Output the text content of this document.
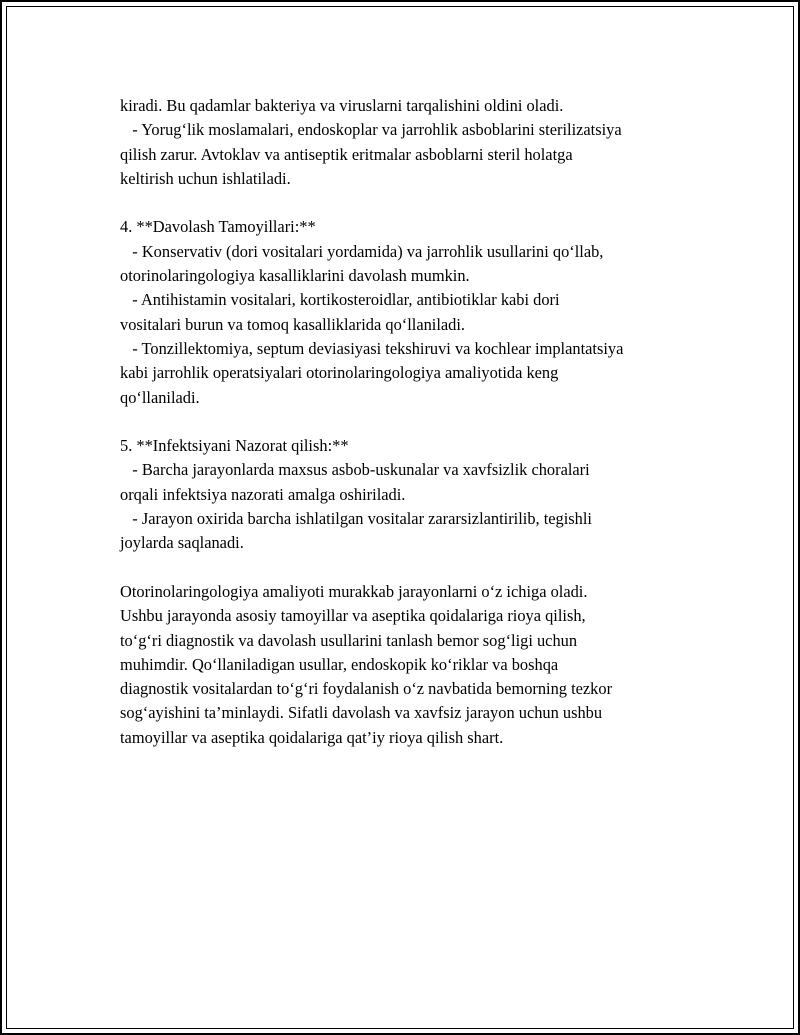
kiradi. Bu qadamlar bakteriya va viruslarni tarqalishini oldini oladi.
- Yorug‘lik moslamalari, endoskoplar va jarrohlik asboblarini sterilizatsiya
qilish zarur. Avtoklav va antiseptik eritmalar asboblarni steril holatga
keltirish uchun ishlatiladi.
4. **Davolash Tamoyillari:**
- Konservativ (dori vositalari yordamida) va jarrohlik usullarini qo‘llab,
otorinolaringologiya kasalliklarini davolash mumkin.
- Antihistamin vositalari, kortikosteroidlar, antibiotiklar kabi dori
vositalari burun va tomoq kasalliklarida qo‘llaniladi.
- Tonzillektomiya, septum deviasiyasi tekshiruvi va kochlear implantatsiya
kabi jarrohlik operatsiyalari otorinolaringologiya amaliyotida keng
qo‘llaniladi.
5. **Infektsiyani Nazorat qilish:**
- Barcha jarayonlarda maxsus asbob-uskunalar va xavfsizlik choralari
orqali infektsiya nazorati amalga oshiriladi.
- Jarayon oxirida barcha ishlatilgan vositalar zararsizlantirilib, tegishli
joylarda saqlanadi.
Otorinolaringologiya amaliyoti murakkab jarayonlarni o‘z ichiga oladi.
Ushbu jarayonda asosiy tamoyillar va aseptika qoidalariga rioya qilish,
to‘g‘ri diagnostik va davolash usullarini tanlash bemor sog‘ligi uchun
muhimdir. Qo‘llaniladigan usullar, endoskopik ko‘riklar va boshqa
diagnostik vositalardan to‘g‘ri foydalanish o‘z navbatida bemorning tezkor
sog‘ayishini ta’minlaydi. Sifatli davolash va xavfsiz jarayon uchun ushbu
tamoyillar va aseptika qoidalariga qat’iy rioya qilish shart.
